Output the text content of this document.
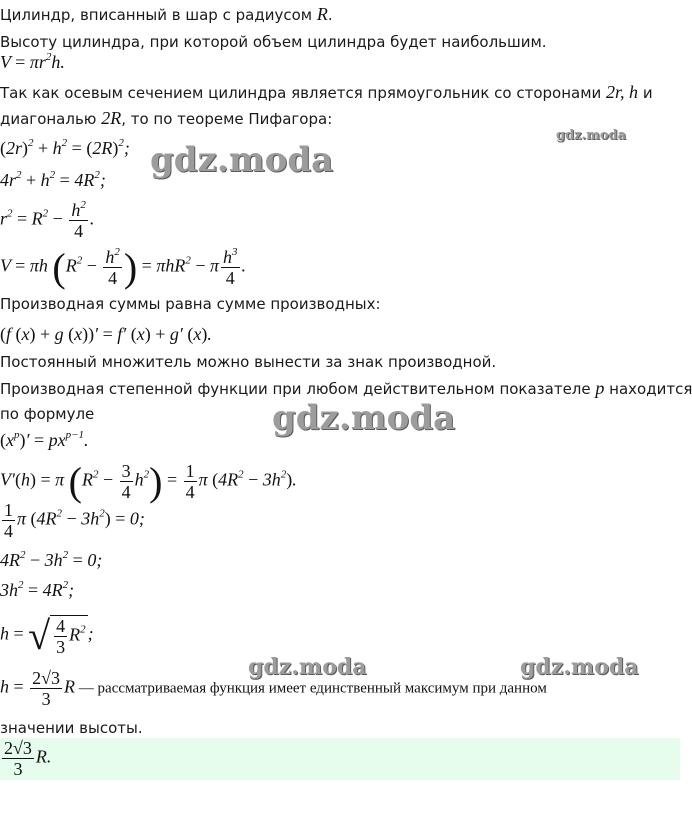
Цилиндр, вписанный в шар с радиусом R.
Высоту цилиндра, при которой объем цилиндра будет наибольшим.
$V = \pi r^2h$.
Так как осевым сечением цилиндра является прямоугольник со сторонами 2r, h и
диагональю 2R, то по теореме Пифагора:
$(2r)^2 + h^2 = (2R)^2$;
$4r^2 + h^2 = 4R^2$;
$r^2 = R^2 - \frac{h^2}{4}$ .
V = πh ($R^2 - \frac{h^2}{4}$ ) = πhR$^2$ − π $\frac{h^3}{4}$ .
Производная суммы равна сумме производных:
(f (x) + g (x))′ = f′ (x) + g′ (x).
Постоянный множитель можно вынести за знак производной.
Производная степенной функции при любом действительном показателе p находится
по формуле
$(x^p)' = px^{p-1}$.
V′(h) = π $(R^2 - \frac{3}{4} h^2) = \frac{1}{4}$ π $(4R^2 - 3h^2)$.
$\frac{1}{4}$ π $(4R^2 - 3h^2) = 0$;
$4R^2 - 3h^2 = 0$;
$3h^2 = 4R^2$;
h = √ $\frac{4}{3} R^2$ ;
$h = \frac{2√3}{3}$ R — рассматриваемая функция имеет единственный максимум при данном
значении высоты.
$\frac{2√3}{3} R$.
gdz.moda
gdz.moda
gdz.moda
gdz.moda	gdz.moda
